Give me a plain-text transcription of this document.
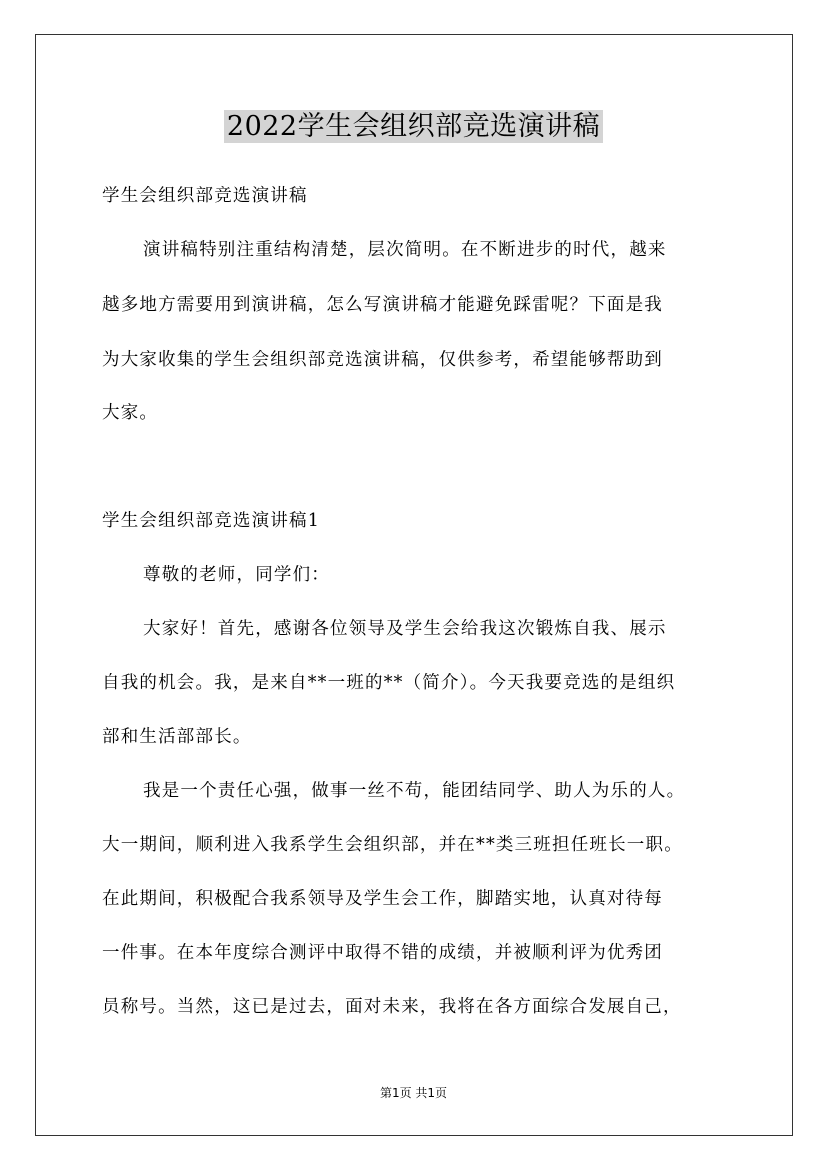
2022学生会组织部竞选演讲稿
学生会组织部竞选演讲稿
演讲稿特别注重结构清楚，层次简明。在不断进步的时代，越来
越多地方需要用到演讲稿，怎么写演讲稿才能避免踩雷呢？下面是我
为大家收集的学生会组织部竞选演讲稿，仅供参考，希望能够帮助到
大家。
学生会组织部竞选演讲稿1
尊敬的老师，同学们：
大家好！首先，感谢各位领导及学生会给我这次锻炼自我、展示
自我的机会。我，是来自**一班的**（简介）。今天我要竞选的是组织
部和生活部部长。
我是一个责任心强，做事一丝不苟，能团结同学、助人为乐的人。
大一期间，顺利进入我系学生会组织部，并在**类三班担任班长一职。
在此期间，积极配合我系领导及学生会工作，脚踏实地，认真对待每
一件事。在本年度综合测评中取得不错的成绩，并被顺利评为优秀团
员称号。当然，这已是过去，面对未来，我将在各方面综合发展自己，
第1页 共1页
